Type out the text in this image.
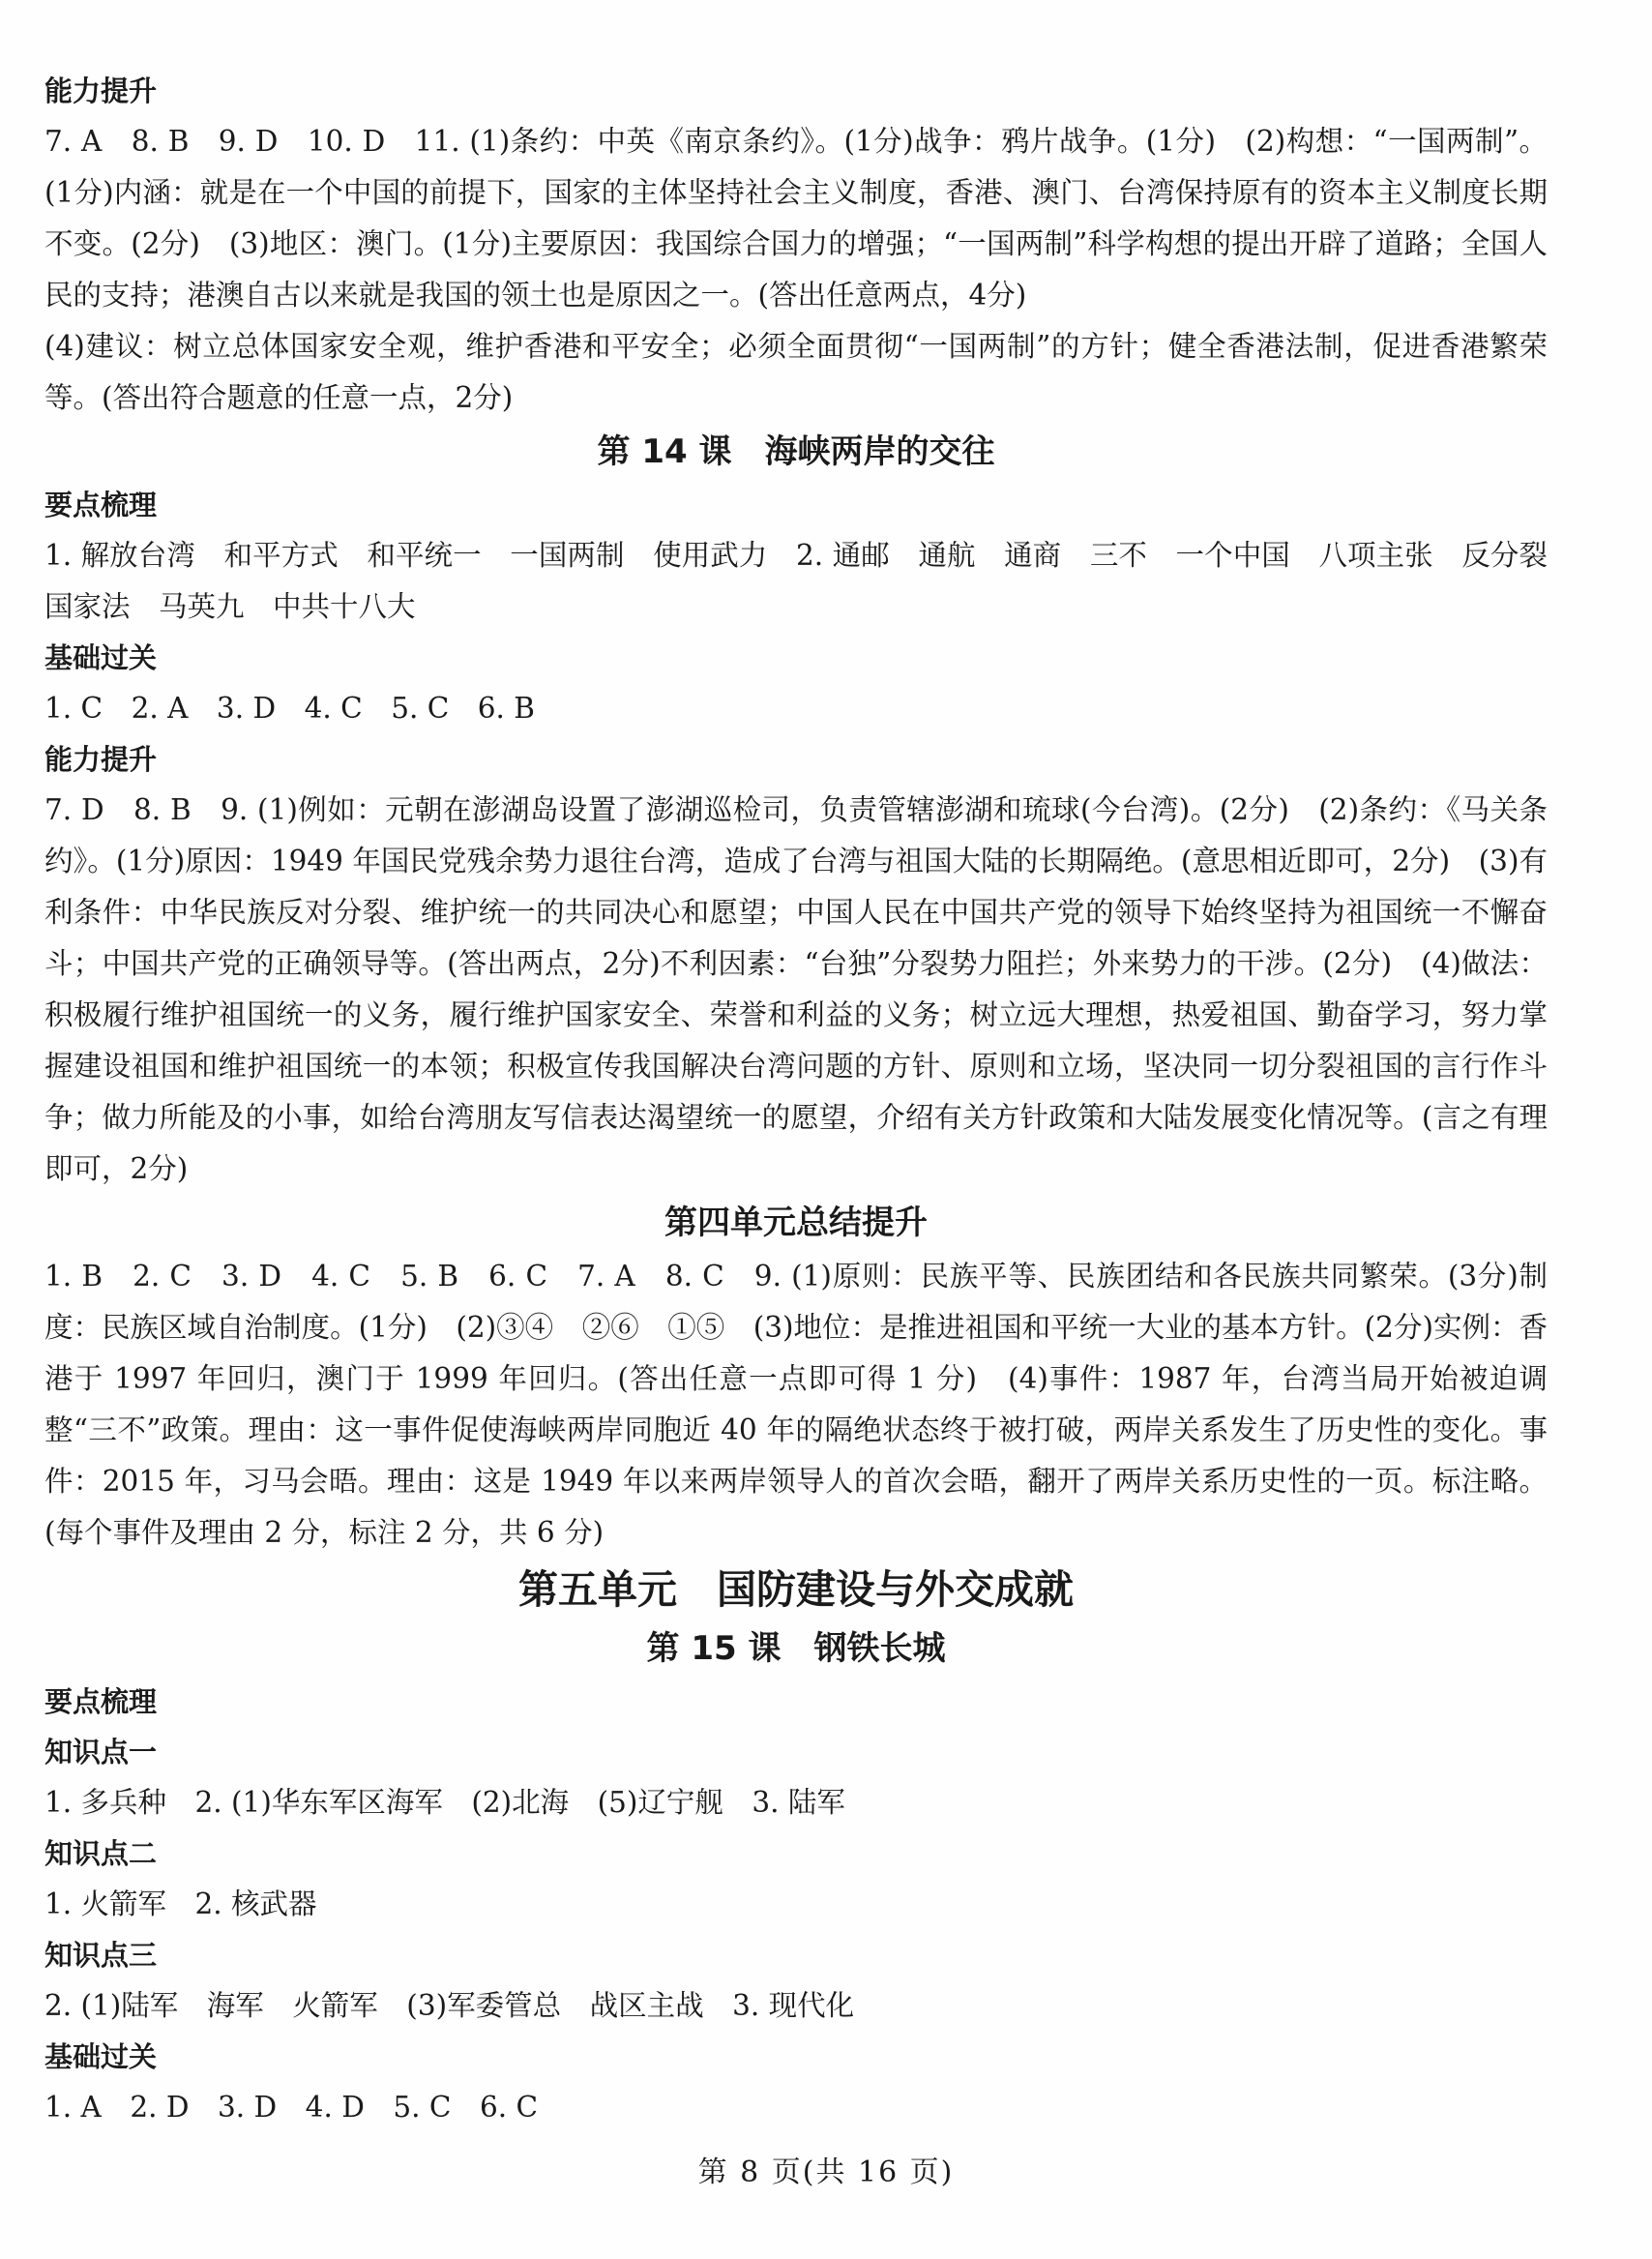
能力提升

7. A　8. B　9. D　10. D　11. (1)条约：中英《南京条约》。(1分)战争：鸦片战争。(1分)　(2)构想：“一国两制”。(1分)内涵：就是在一个中国的前提下，国家的主体坚持社会主义制度，香港、澳门、台湾保持原有的资本主义制度长期不变。(2分)　(3)地区：澳门。(1分)主要原因：我国综合国力的增强；“一国两制”科学构想的提出开辟了道路；全国人民的支持；港澳自古以来就是我国的领土也是原因之一。(答出任意两点，4分)

(4)建议：树立总体国家安全观，维护香港和平安全；必须全面贯彻“一国两制”的方针；健全香港法制，促进香港繁荣等。(答出符合题意的任意一点，2分)

第 14 课　海峡两岸的交往
要点梳理

1. 解放台湾　和平方式　和平统一　一国两制　使用武力　2. 通邮　通航　通商　三不　一个中国　八项主张　反分裂国家法　马英九　中共十八大

基础过关

1. C　2. A　3. D　4. C　5. C　6. B

能力提升

7. D　8. B　9. (1)例如：元朝在澎湖岛设置了澎湖巡检司，负责管辖澎湖和琉球(今台湾)。(2分)　(2)条约：《马关条约》。(1分)原因：1949 年国民党残余势力退往台湾，造成了台湾与祖国大陆的长期隔绝。(意思相近即可，2分)　(3)有利条件：中华民族反对分裂、维护统一的共同决心和愿望；中国人民在中国共产党的领导下始终坚持为祖国统一不懈奋斗；中国共产党的正确领导等。(答出两点，2分)不利因素：“台独”分裂势力阻拦；外来势力的干涉。(2分)　(4)做法：积极履行维护祖国统一的义务，履行维护国家安全、荣誉和利益的义务；树立远大理想，热爱祖国、勤奋学习，努力掌握建设祖国和维护祖国统一的本领；积极宣传我国解决台湾问题的方针、原则和立场，坚决同一切分裂祖国的言行作斗争；做力所能及的小事，如给台湾朋友写信表达渴望统一的愿望，介绍有关方针政策和大陆发展变化情况等。(言之有理即可，2分)

第四单元总结提升

1. B　2. C　3. D　4. C　5. B　6. C　7. A　8. C　9. (1)原则：民族平等、民族团结和各民族共同繁荣。(3分)制度：民族区域自治制度。(1分)　(2)③④　②⑥　①⑤　(3)地位：是推进祖国和平统一大业的基本方针。(2分)实例：香港于 1997 年回归，澳门于 1999 年回归。(答出任意一点即可得 1 分)　(4)事件：1987 年，台湾当局开始被迫调整“三不”政策。理由：这一事件促使海峡两岸同胞近 40 年的隔绝状态终于被打破，两岸关系发生了历史性的变化。事件：2015 年，习马会晤。理由：这是 1949 年以来两岸领导人的首次会晤，翻开了两岸关系历史性的一页。标注略。(每个事件及理由 2 分，标注 2 分，共 6 分)

第五单元　国防建设与外交成就
第 15 课　钢铁长城
要点梳理
知识点一

1. 多兵种　2. (1)华东军区海军　(2)北海　(5)辽宁舰　3. 陆军

知识点二

1. 火箭军　2. 核武器

知识点三

2. (1)陆军　海军　火箭军　(3)军委管总　战区主战　3. 现代化

基础过关

1. A　2. D　3. D　4. D　5. C　6. C

第 8 页(共 16 页)
